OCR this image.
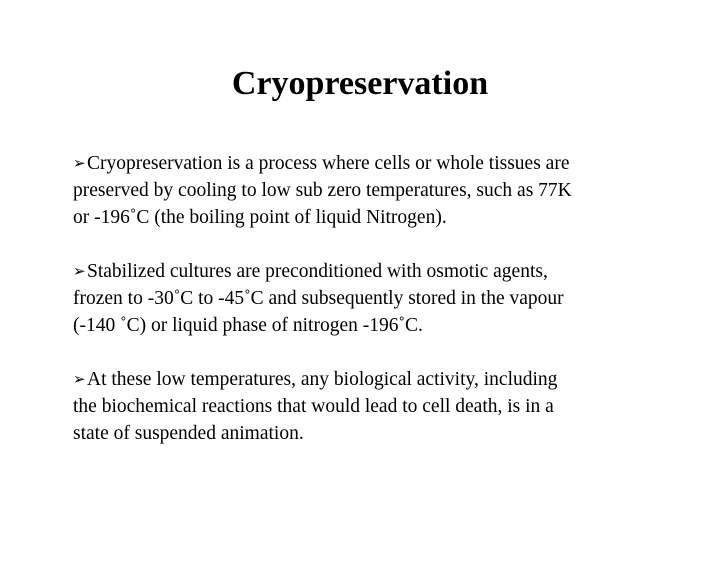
Cryopreservation

➢Cryopreservation is a process where cells or whole tissues are
preserved by cooling to low sub zero temperatures, such as 77K
or -196˚C (the boiling point of liquid Nitrogen).

➢Stabilized cultures are preconditioned with osmotic agents,
frozen to -30˚C to -45˚C and subsequently stored in the vapour
(-140 ˚C) or liquid phase of nitrogen -196˚C.

➢At these low temperatures, any biological activity, including
the biochemical reactions that would lead to cell death, is in a
state of suspended animation.
